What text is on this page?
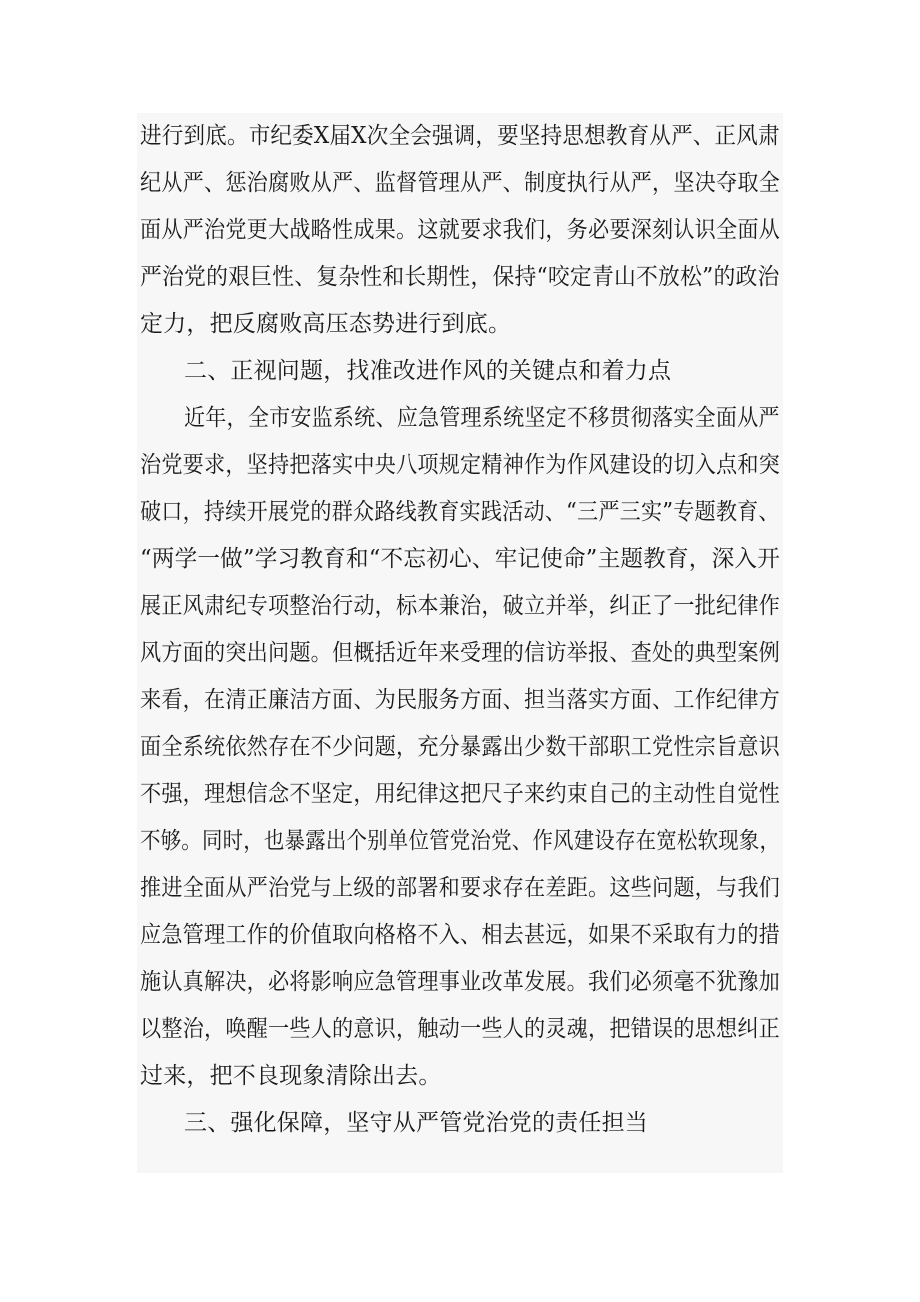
进行到底。市纪委X届X次全会强调，要坚持思想教育从严、正风肃
纪从严、惩治腐败从严、监督管理从严、制度执行从严，坚决夺取全
面从严治党更大战略性成果。这就要求我们，务必要深刻认识全面从
严治党的艰巨性、复杂性和长期性，保持“咬定青山不放松”的政治
定力，把反腐败高压态势进行到底。
二、正视问题，找准改进作风的关键点和着力点
近年，全市安监系统、应急管理系统坚定不移贯彻落实全面从严
治党要求，坚持把落实中央八项规定精神作为作风建设的切入点和突
破口，持续开展党的群众路线教育实践活动、“三严三实”专题教育、
“两学一做”学习教育和“不忘初心、牢记使命”主题教育，深入开
展正风肃纪专项整治行动，标本兼治，破立并举，纠正了一批纪律作
风方面的突出问题。但概括近年来受理的信访举报、查处的典型案例
来看，在清正廉洁方面、为民服务方面、担当落实方面、工作纪律方
面全系统依然存在不少问题，充分暴露出少数干部职工党性宗旨意识
不强，理想信念不坚定，用纪律这把尺子来约束自己的主动性自觉性
不够。同时，也暴露出个别单位管党治党、作风建设存在宽松软现象，
推进全面从严治党与上级的部署和要求存在差距。这些问题，与我们
应急管理工作的价值取向格格不入、相去甚远，如果不采取有力的措
施认真解决，必将影响应急管理事业改革发展。我们必须毫不犹豫加
以整治，唤醒一些人的意识，触动一些人的灵魂，把错误的思想纠正
过来，把不良现象清除出去。
三、强化保障，坚守从严管党治党的责任担当
